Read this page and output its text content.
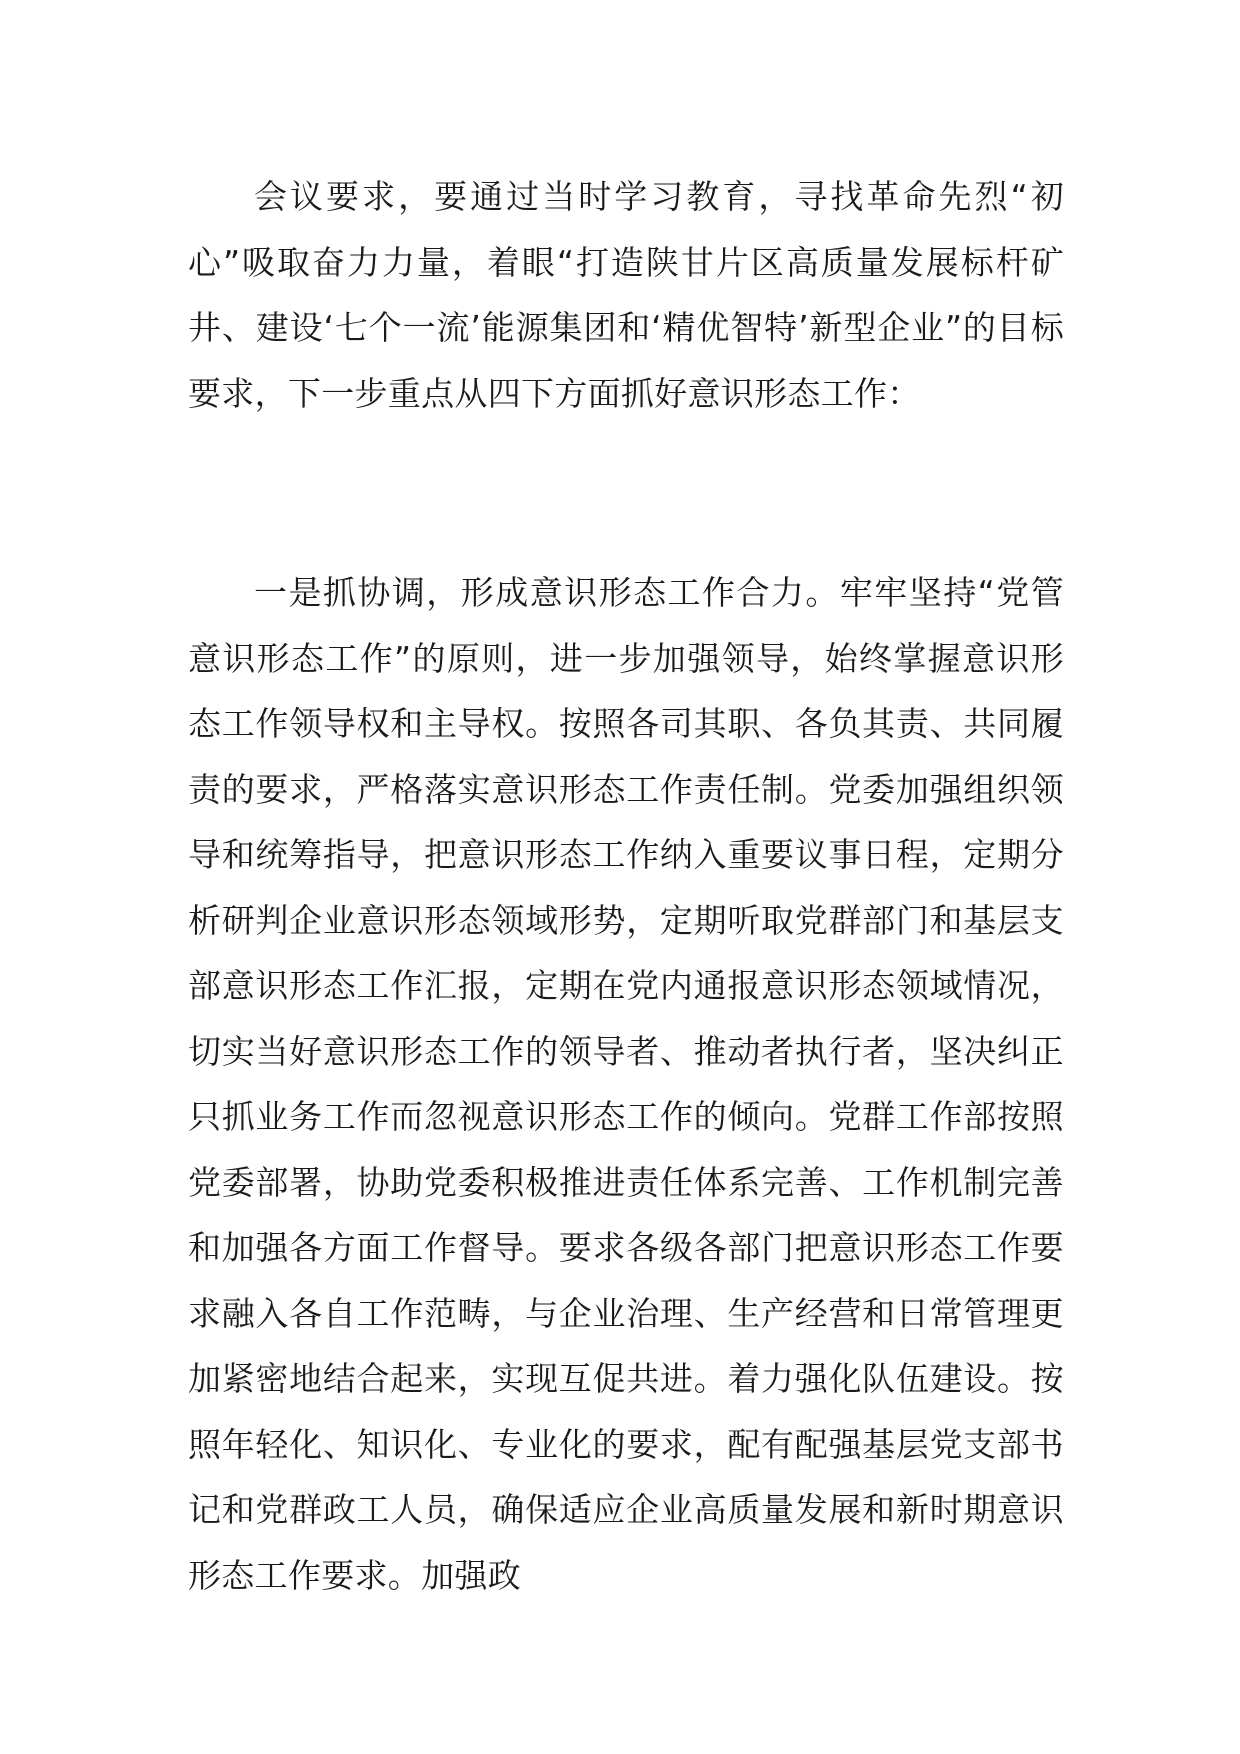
会议要求，要通过当时学习教育，寻找革命先烈“初心”吸取奋力力量，着眼“打造陕甘片区高质量发展标杆矿井、建设‘七个一流’能源集团和‘精优智特’新型企业”的目标要求，下一步重点从四下方面抓好意识形态工作：

一是抓协调，形成意识形态工作合力。牢牢坚持“党管意识形态工作”的原则，进一步加强领导，始终掌握意识形态工作领导权和主导权。按照各司其职、各负其责、共同履责的要求，严格落实意识形态工作责任制。党委加强组织领导和统筹指导，把意识形态工作纳入重要议事日程，定期分析研判企业意识形态领域形势，定期听取党群部门和基层支部意识形态工作汇报，定期在党内通报意识形态领域情况，切实当好意识形态工作的领导者、推动者执行者，坚决纠正只抓业务工作而忽视意识形态工作的倾向。党群工作部按照党委部署，协助党委积极推进责任体系完善、工作机制完善和加强各方面工作督导。要求各级各部门把意识形态工作要求融入各自工作范畴，与企业治理、生产经营和日常管理更加紧密地结合起来，实现互促共进。着力强化队伍建设。按照年轻化、知识化、专业化的要求，配有配强基层党支部书记和党群政工人员，确保适应企业高质量发展和新时期意识形态工作要求。加强政
